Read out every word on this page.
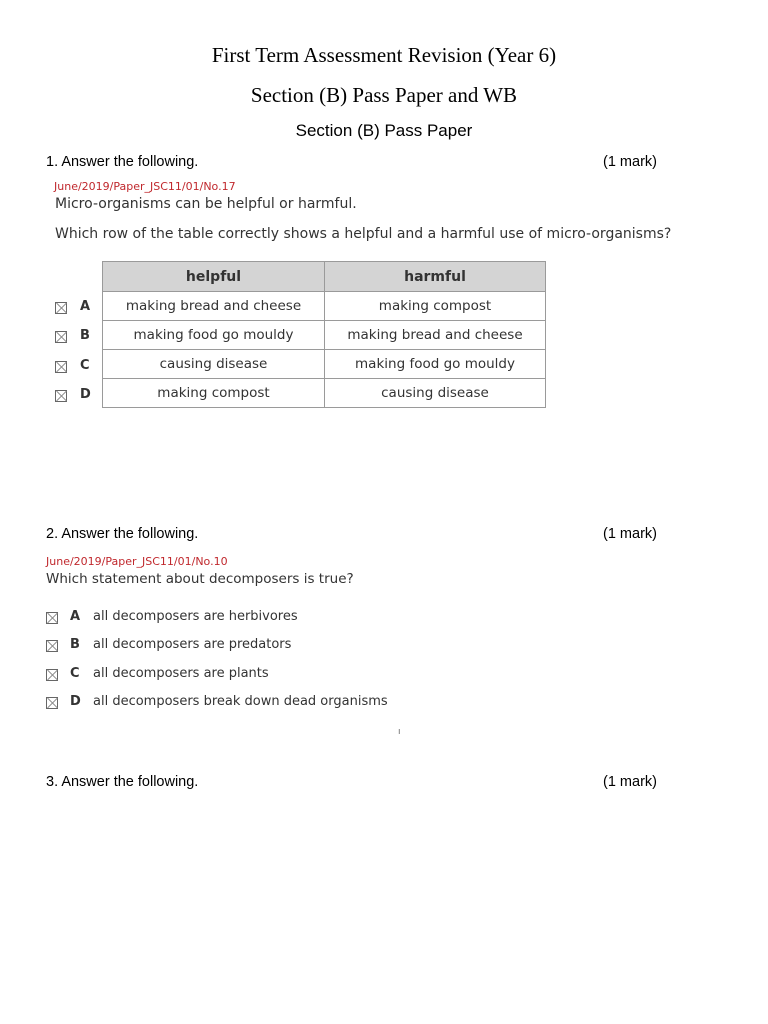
First Term Assessment Revision (Year 6)
Section (B) Pass Paper and WB
Section (B) Pass Paper
1. Answer the following.	(1 mark)
June/2019/Paper_JSC11/01/No.17
Micro-organisms can be helpful or harmful.
Which row of the table correctly shows a helpful and a harmful use of micro-organisms?
helpful	harmful
making bread and cheese	making compost
making food go mouldy	making bread and cheese
causing disease	making food go mouldy
making compost	causing disease
A
B
C
D
2. Answer the following.	(1 mark)
June/2019/Paper_JSC11/01/No.10
Which statement about decomposers is true?
A all decomposers are herbivores
B all decomposers are predators
C all decomposers are plants
D all decomposers break down dead organisms
ı
3. Answer the following.	(1 mark)
